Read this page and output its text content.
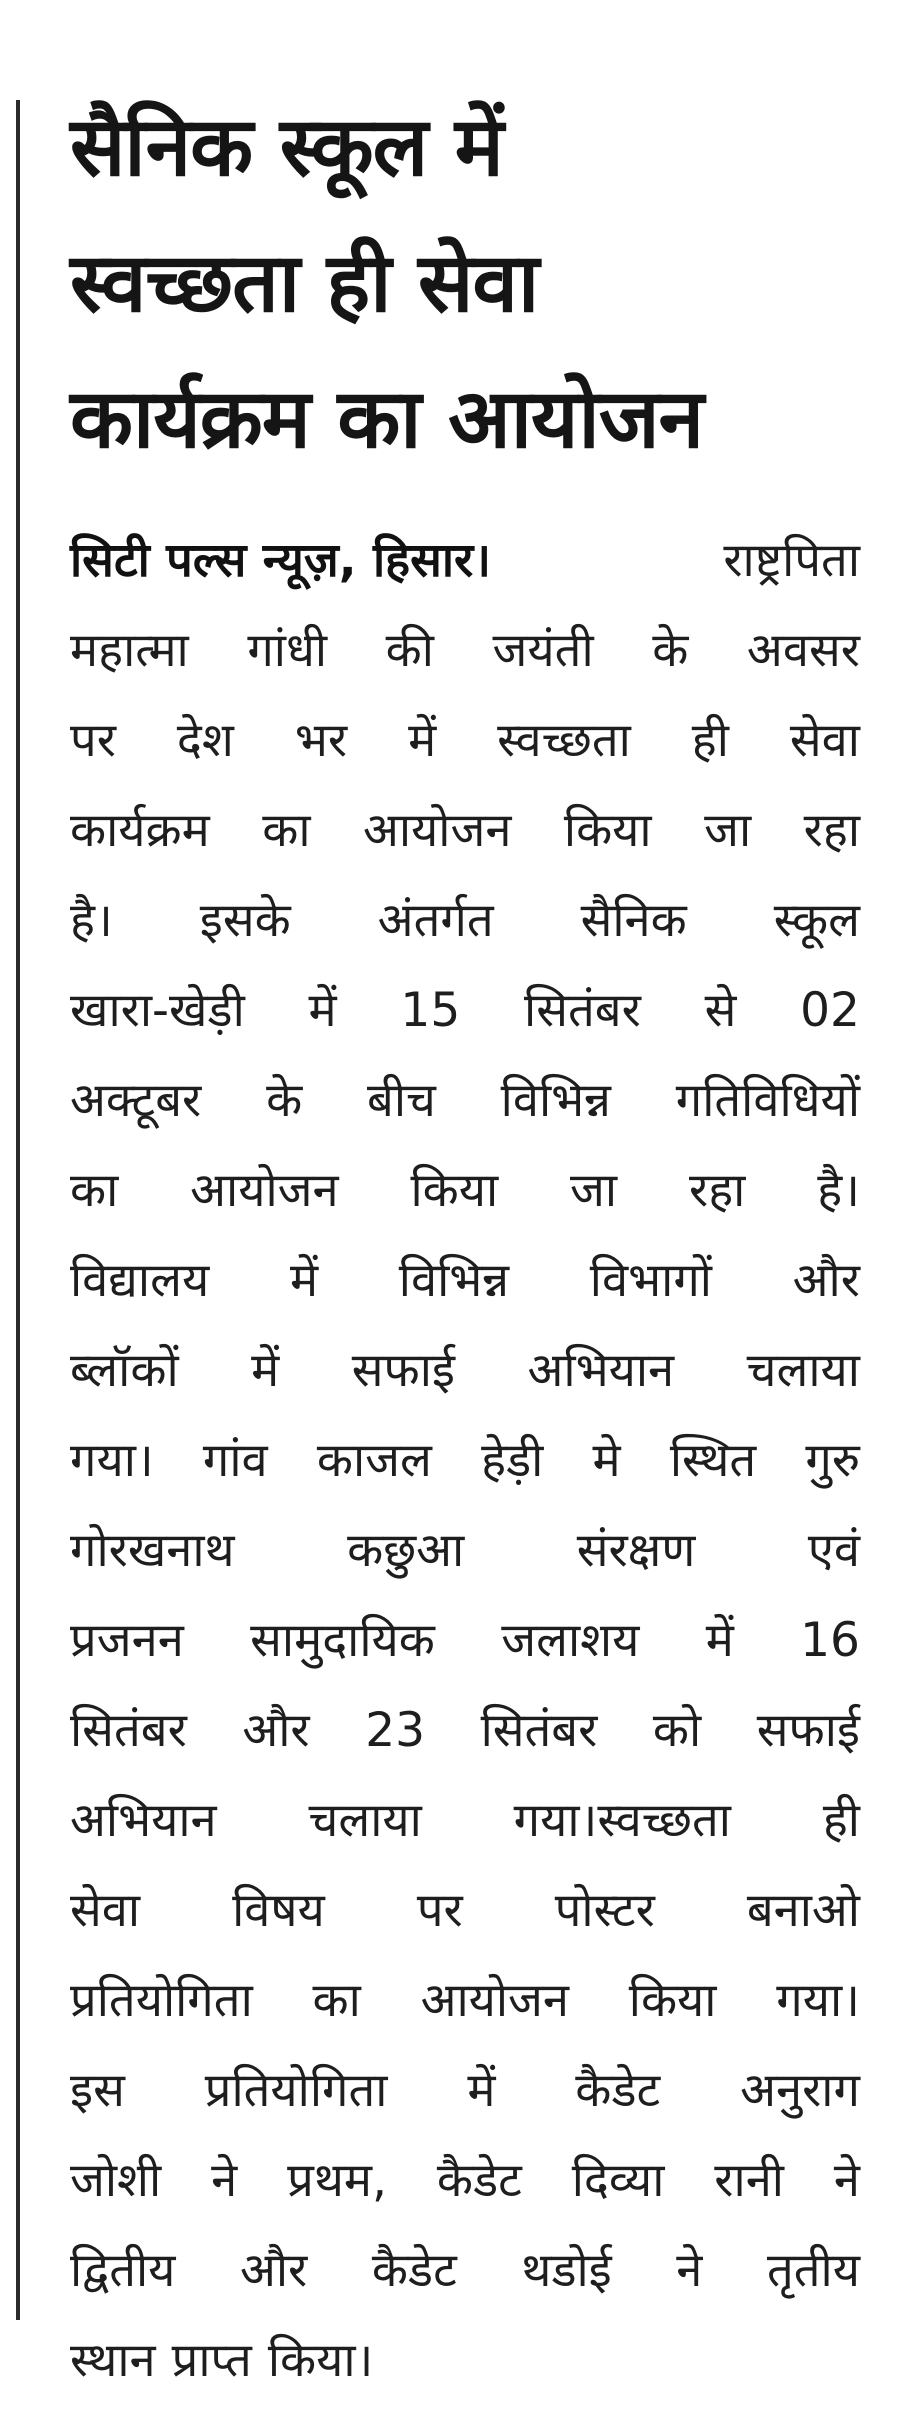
सैनिक स्कूल में
स्वच्छता ही सेवा
कार्यक्रम का आयोजन
सिटी पल्स न्यूज़, हिसार।	राष्ट्रपिता
महात्मा गांधी की जयंती के अवसर
पर देश भर में स्वच्छता ही सेवा
कार्यक्रम का आयोजन किया जा रहा
है। इसके अंतर्गत सैनिक स्कूल
खारा-खेड़ी में 15 सितंबर से 02
अक्टूबर के बीच विभिन्न गतिविधियों
का आयोजन किया जा रहा है।
विद्यालय में विभिन्न विभागों और
ब्लॉकों में सफाई अभियान चलाया
गया। गांव काजल हेड़ी मे स्थित गुरु
गोरखनाथ कछुआ संरक्षण एवं
प्रजनन सामुदायिक जलाशय में 16
सितंबर और 23 सितंबर को सफाई
अभियान चलाया गया।स्वच्छता ही
सेवा विषय पर पोस्टर बनाओ
प्रतियोगिता का आयोजन किया गया।
इस प्रतियोगिता में कैडेट अनुराग
जोशी ने प्रथम, कैडेट दिव्या रानी ने
द्वितीय और कैडेट थडोई ने तृतीय
स्थान प्राप्त किया।
